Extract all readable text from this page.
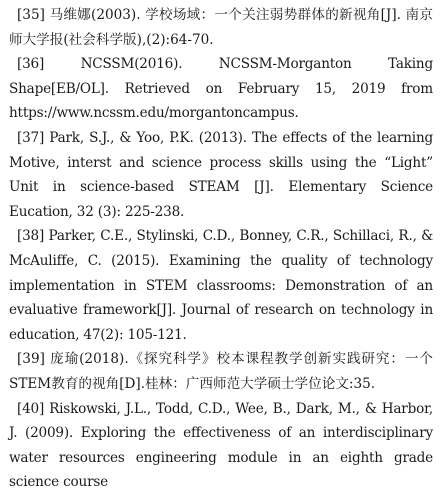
[35] 马维娜(2003). 学校场域：一个关注弱势群体的新视角[J]. 南京师大学报(社会科学版),(2):64-70.

[36]	NCSSM(2016). NCSSM-Morganton Taking Shape[EB/OL]. Retrieved on February 15, 2019 from https://www.ncssm.edu/morgantoncampus.

[37] Park, S.J., & Yoo, P.K. (2013). The effects of the learning Motive, interst and science process skills using the “Light” Unit in science-based STEAM [J]. Elementary Science Eucation, 32 (3): 225-238.

[38] Parker, C.E., Stylinski, C.D., Bonney, C.R., Schillaci, R., & McAuliffe, C. (2015). Examining the quality of technology implementation in STEM classrooms: Demonstration of an evaluative framework[J]. Journal of research on technology in education, 47(2): 105-121.

[39] 庞瑜(2018).《探究科学》校本课程教学创新实践研究：一个STEM教育的视角[D].桂林：广西师范大学硕士学位论文:35.

[40] Riskowski, J.L., Todd, C.D., Wee, B., Dark, M., & Harbor, J. (2009). Exploring the effectiveness of an interdisciplinary water resources engineering module in an eighth grade science course
